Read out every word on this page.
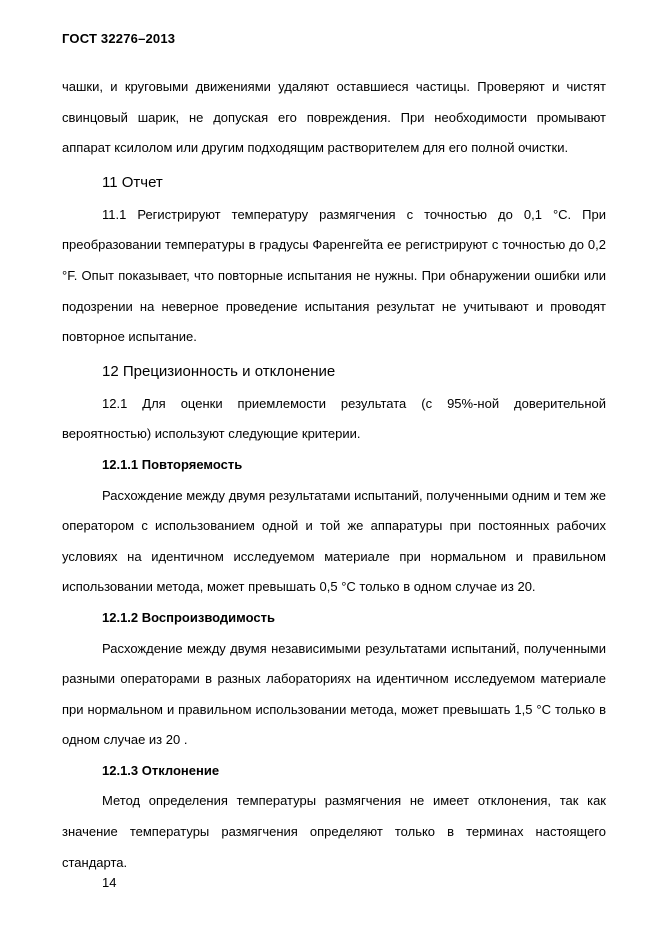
ГОСТ 32276–2013

чашки, и круговыми движениями удаляют оставшиеся частицы. Проверяют и чистят свинцовый шарик, не допуская его повреждения. При необходимости промывают аппарат ксилолом или другим подходящим растворителем для его полной очистки.

11 Отчет

11.1 Регистрируют температуру размягчения с точностью до 0,1 °С. При преобразовании температуры в градусы Фаренгейта ее регистрируют с точностью до 0,2 °F. Опыт показывает, что повторные испытания не нужны. При обнаружении ошибки или подозрении на неверное проведение испытания результат не учитывают и проводят повторное испытание.

12 Прецизионность и отклонение

12.1 Для оценки приемлемости результата (с 95%-ной доверительной вероятностью) используют следующие критерии.

12.1.1 Повторяемость

Расхождение между двумя результатами испытаний, полученными одним и тем же оператором с использованием одной и той же аппаратуры при постоянных рабочих условиях на идентичном исследуемом материале при нормальном и правильном использовании метода, может превышать 0,5 °С только в одном случае из 20.

12.1.2 Воспроизводимость

Расхождение между двумя независимыми результатами испытаний, полученными разными операторами в разных лабораториях на идентичном исследуемом материале при нормальном и правильном использовании метода, может превышать 1,5 °С только в одном случае из 20 .

12.1.3 Отклонение

Метод определения температуры размягчения не имеет отклонения, так как значение температуры размягчения определяют только в терминах настоящего стандарта.

14
